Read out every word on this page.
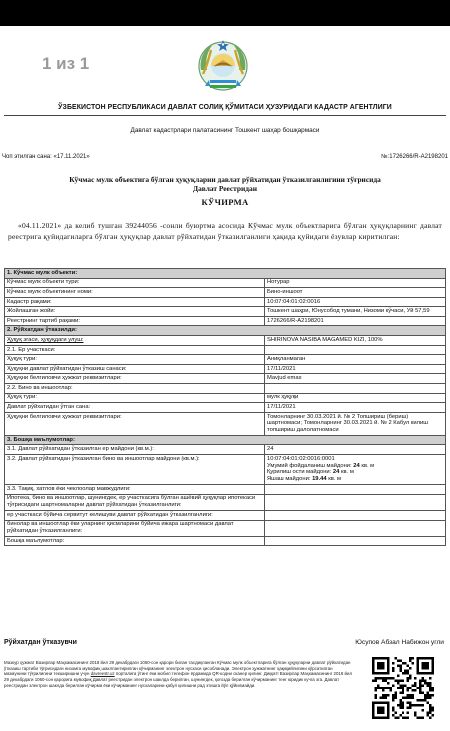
1 из 1
ЎЗБЕКИСТОН РЕСПУБЛИКАСИ ДАВЛАТ СОЛИҚ ҚЎМИТАСИ ҲУЗУРИДАГИ КАДАСТР АГЕНТЛИГИ
Давлат кадастрлари палатасининг Тошкент шаҳар бошқармаси
Чоп этилган сана: «17.11.2021»	№:1726266/R-A2198201
Кўчмас мулк объектига бўлган ҳуқуқларни давлат рўйхатидан ўтказилганлигини тўғрисида
Давлат Реестридан
КЎЧИРМА
«04.11.2021» да келиб тушган 39244056 -сонли буюртма асосида Кўчмас мулк объектларига бўлган ҳуқуқларнинг давлат реестрига қуйидагиларга бўлган ҳуқуқлар давлат рўйхатидан ўтказилганлиги ҳақида қуйидаги ёзувлар киритилган:
1. Кўчмас мулк объекти:	
Кўчмас мулк объекти тури:	Нотурар
Кўчмас мулк объектининг номи:	Бино-иншоот
Кадастр рақами:	10:07:04:01:02:0016
Жойлашган жойи:	Тошкент шаҳри, Юнусобод тумани, Низоми кўчаси, Уй 57,59
Реестрнинг тартиб рақами:	1726266/R-A2198201
2. Рўйхатдан ўтказилди:	
Ҳуқуқ эгаси, ҳуқуқдаги улуш:	SHIRINOVA NASIBA MAGAMED KIZI, 100%
2.1. Ер участкаси:	
Ҳуқуқ тури:	Аниқланмаган
Ҳуқуқни давлат рўйхатидан ўтказиш санаси:	17/11/2021
Ҳуқуқни белгиловчи ҳужжат реквизитлари:	Mavjud emas
2.2. Бино ва иншоотлар:	
Ҳуқуқ тури:	мулк ҳуқуқи
Давлат рўйхатидан ўтган сана:	17/11/2021
Ҳуқуқни белгиловчи ҳужжат реквизитлари:	Томонларнинг 30.03.2021 й. № 2 Топшириш (бериш) шартномаси; Томонларнинг 30.03.2021 й. № 2 Кабул килиш топшириш далолатномаси
3. Бошқа маълумотлар:	
3.1. Давлат рўйхатидан ўтказилган ер майдони (кв.м.):	24
3.2. Давлат рўйхатидан ўтказилган бино ва иншоотлар майдони (кв.м.):	10:07:04:01:02:0016:0001
Умумий фойдаланиш майдони: 24 кв. м
Қурилиш ости майдони: 24 кв. м
Яшаш майдони: 19.44 кв. м

3.3. Тақиқ, хатлов ёки чеклоолар мавжудлиги:	
Ипотека, бино ва иншоотлар, шунингдек, ер участкасига бўлган ашёвий ҳуқуқлар ипотекаси тўғрисидаги шартномаларни давлат рўйхатидан ўтказилганлиги:	
ер участкаси бўйича сервитут келишуви давлат рўйхатидан ўтказилганлиги:	
бинолар ва иншоотлар ёки уларнинг қисмларини бўйича ижара шартномаси давлат рўйхатидан ўтказилганлиги:	
Бошқа маълумотлар:	
Рўйхатдан ўтказувчи	Юсупов Абзал Набижон угли
Мазкур ҳужжат Вазирлар Маҳкамасининг 2018 йил 29 декабрдаги 1060-сон қарори билан тасдиқланган Кўчмас мулк объектларига бўлган ҳуқуқларни давлат рўйхатидан ўтказиш тартиби тўғрисидаги низомга мувофиқ шакллантирилган кўчирманинг электрон нусхаси ҳисобланади. Электрон ҳужжатнинг ҳақиқийлигини кўрсатилган мазмунини тўғрилигини текширишни учун davreestr.uz порталига ўтинг ёки мобил телефон ёрдамида QR-кодни сканер қилинг. Диққат! Вазирлар Маҳкамасининг 2018 йил 29 декабрдаги 1060-сон қарорига мувофиқ Давлат реестридан электрон шаклда берилган, шунингдек, қоғозда берилган кўчирманинг тенг юридик кучга эга. Давлат реестридан электрон шаклда берилган кўчирма ёки кўчирманинг нусхаларини қабул қилишни рад этишга йўл қўйилмайди.
